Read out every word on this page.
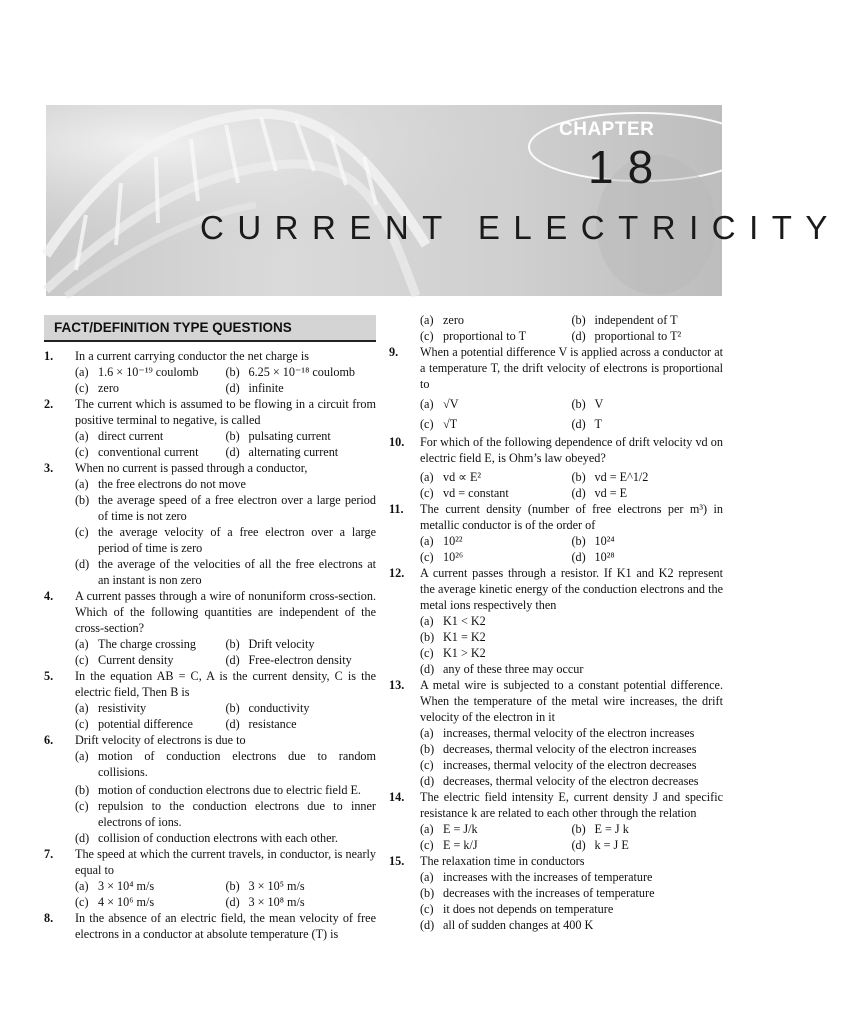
CHAPTER
18
CURRENT ELECTRICITY
FACT/DEFINITION TYPE QUESTIONS
1. In a current carrying conductor the net charge is
(a) 1.6 × 10⁻¹⁹ coulomb	(b) 6.25 × 10⁻¹⁸ coulomb
(c) zero	(d) infinite
2. The current which is assumed to be flowing in a circuit from positive terminal to negative, is called
(a) direct current	(b) pulsating current
(c) conventional current	(d) alternating current
3. When no current is passed through a conductor,
(a) the free electrons do not move
(b) the average speed of a free electron over a large period of time is not zero
(c) the average velocity of a free electron over a large period of time is zero
(d) the average of the velocities of all the free electrons at an instant is non zero
4. A current passes through a wire of nonuniform cross-section. Which of the following quantities are independent of the cross-section?
(a) The charge crossing	(b) Drift velocity
(c) Current density	(d) Free-electron density
5. In the equation AB = C, A is the current density, C is the electric field, Then B is
(a) resistivity	(b) conductivity
(c) potential difference	(d) resistance
6. Drift velocity of electrons is due to
(a) motion of conduction electrons due to random collisions.
(b) motion of conduction electrons due to electric field E.
(c) repulsion to the conduction electrons due to inner electrons of ions.
(d) collision of conduction electrons with each other.
7. The speed at which the current travels, in conductor, is nearly equal to
(a) 3 × 10⁴ m/s	(b) 3 × 10⁵ m/s
(c) 4 × 10⁶ m/s	(d) 3 × 10⁸ m/s
8. In the absence of an electric field, the mean velocity of free electrons in a conductor at absolute temperature (T) is
(a) zero	(b) independent of T
(c) proportional to T	(d) proportional to T²
9. When a potential difference V is applied across a conductor at a temperature T, the drift velocity of electrons is proportional to
(a) √V	(b) V
(c) √T	(d) T
10. For which of the following dependence of drift velocity vd on electric field E, is Ohm’s law obeyed?
(a) vd ∝ E²	(b) vd = E^1/2
(c) vd = constant	(d) vd = E
11. The current density (number of free electrons per m³) in metallic conductor is of the order of
(a) 10²²	(b) 10²⁴
(c) 10²⁶	(d) 10²⁸
12. A current passes through a resistor. If K1 and K2 represent the average kinetic energy of the conduction electrons and the metal ions respectively then
(a) K1 < K2
(b) K1 = K2
(c) K1 > K2
(d) any of these three may occur
13. A metal wire is subjected to a constant potential difference. When the temperature of the metal wire increases, the drift velocity of the electron in it
(a) increases, thermal velocity of the electron increases
(b) decreases, thermal velocity of the electron increases
(c) increases, thermal velocity of the electron decreases
(d) decreases, thermal velocity of the electron decreases
14. The electric field intensity E, current density J and specific resistance k are related to each other through the relation
(a) E = J/k	(b) E = J k
(c) E = k/J	(d) k = J E
15. The relaxation time in conductors
(a) increases with the increases of temperature
(b) decreases with the increases of temperature
(c) it does not depends on temperature
(d) all of sudden changes at 400 K
